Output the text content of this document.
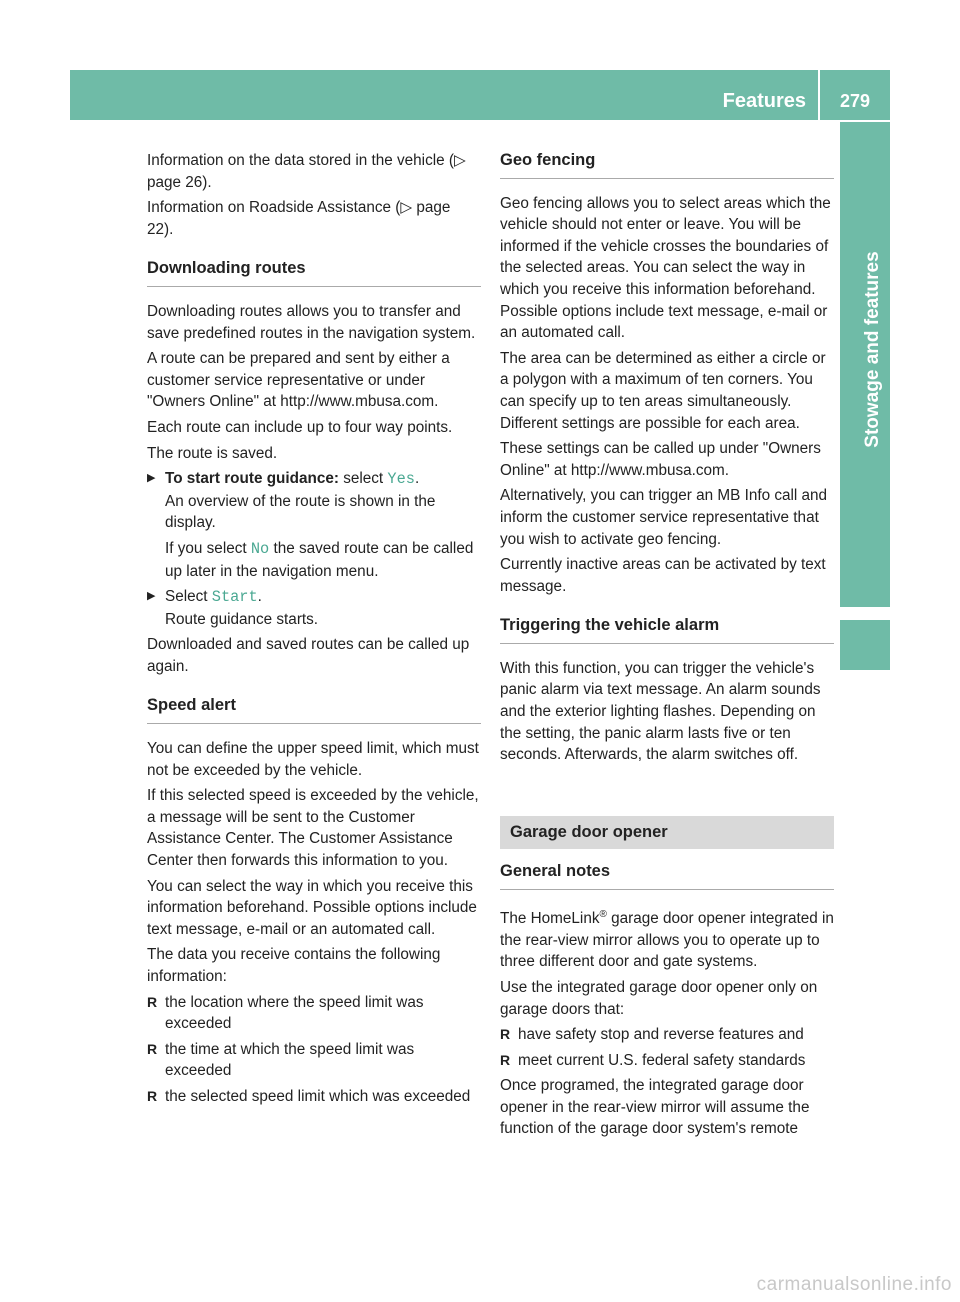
Features	279
Stowage and features

Information on the data stored in the vehicle (▷ page 26).

Information on Roadside Assistance (▷ page 22).

Downloading routes

Downloading routes allows you to transfer and save predefined routes in the navigation system.

A route can be prepared and sent by either a customer service representative or under "Owners Online" at http://www.mbusa.com.

Each route can include up to four way points.

The route is saved.

▶ To start route guidance: select Yes.
An overview of the route is shown in the display.
If you select No the saved route can be called up later in the navigation menu.
▶ Select Start.
Route guidance starts.

Downloaded and saved routes can be called up again.

Speed alert

You can define the upper speed limit, which must not be exceeded by the vehicle.

If this selected speed is exceeded by the vehicle, a message will be sent to the Customer Assistance Center. The Customer Assistance Center then forwards this information to you.

You can select the way in which you receive this information beforehand. Possible options include text message, e-mail or an automated call.

The data you receive contains the following information:

R the location where the speed limit was exceeded
R the time at which the speed limit was exceeded
R the selected speed limit which was exceeded
Geo fencing

Geo fencing allows you to select areas which the vehicle should not enter or leave. You will be informed if the vehicle crosses the boundaries of the selected areas. You can select the way in which you receive this information beforehand. Possible options include text message, e-mail or an automated call.

The area can be determined as either a circle or a polygon with a maximum of ten corners. You can specify up to ten areas simultaneously. Different settings are possible for each area.

These settings can be called up under "Owners Online" at http://www.mbusa.com.

Alternatively, you can trigger an MB Info call and inform the customer service representative that you wish to activate geo fencing.

Currently inactive areas can be activated by text message.

Triggering the vehicle alarm

With this function, you can trigger the vehicle's panic alarm via text message. An alarm sounds and the exterior lighting flashes. Depending on the setting, the panic alarm lasts five or ten seconds. Afterwards, the alarm switches off.

Garage door opener
General notes

The HomeLink® garage door opener integrated in the rear-view mirror allows you to operate up to three different door and gate systems.

Use the integrated garage door opener only on garage doors that:

R have safety stop and reverse features and
R meet current U.S. federal safety standards

Once programed, the integrated garage door opener in the rear-view mirror will assume the function of the garage door system's remote

carmanualsonline.info
